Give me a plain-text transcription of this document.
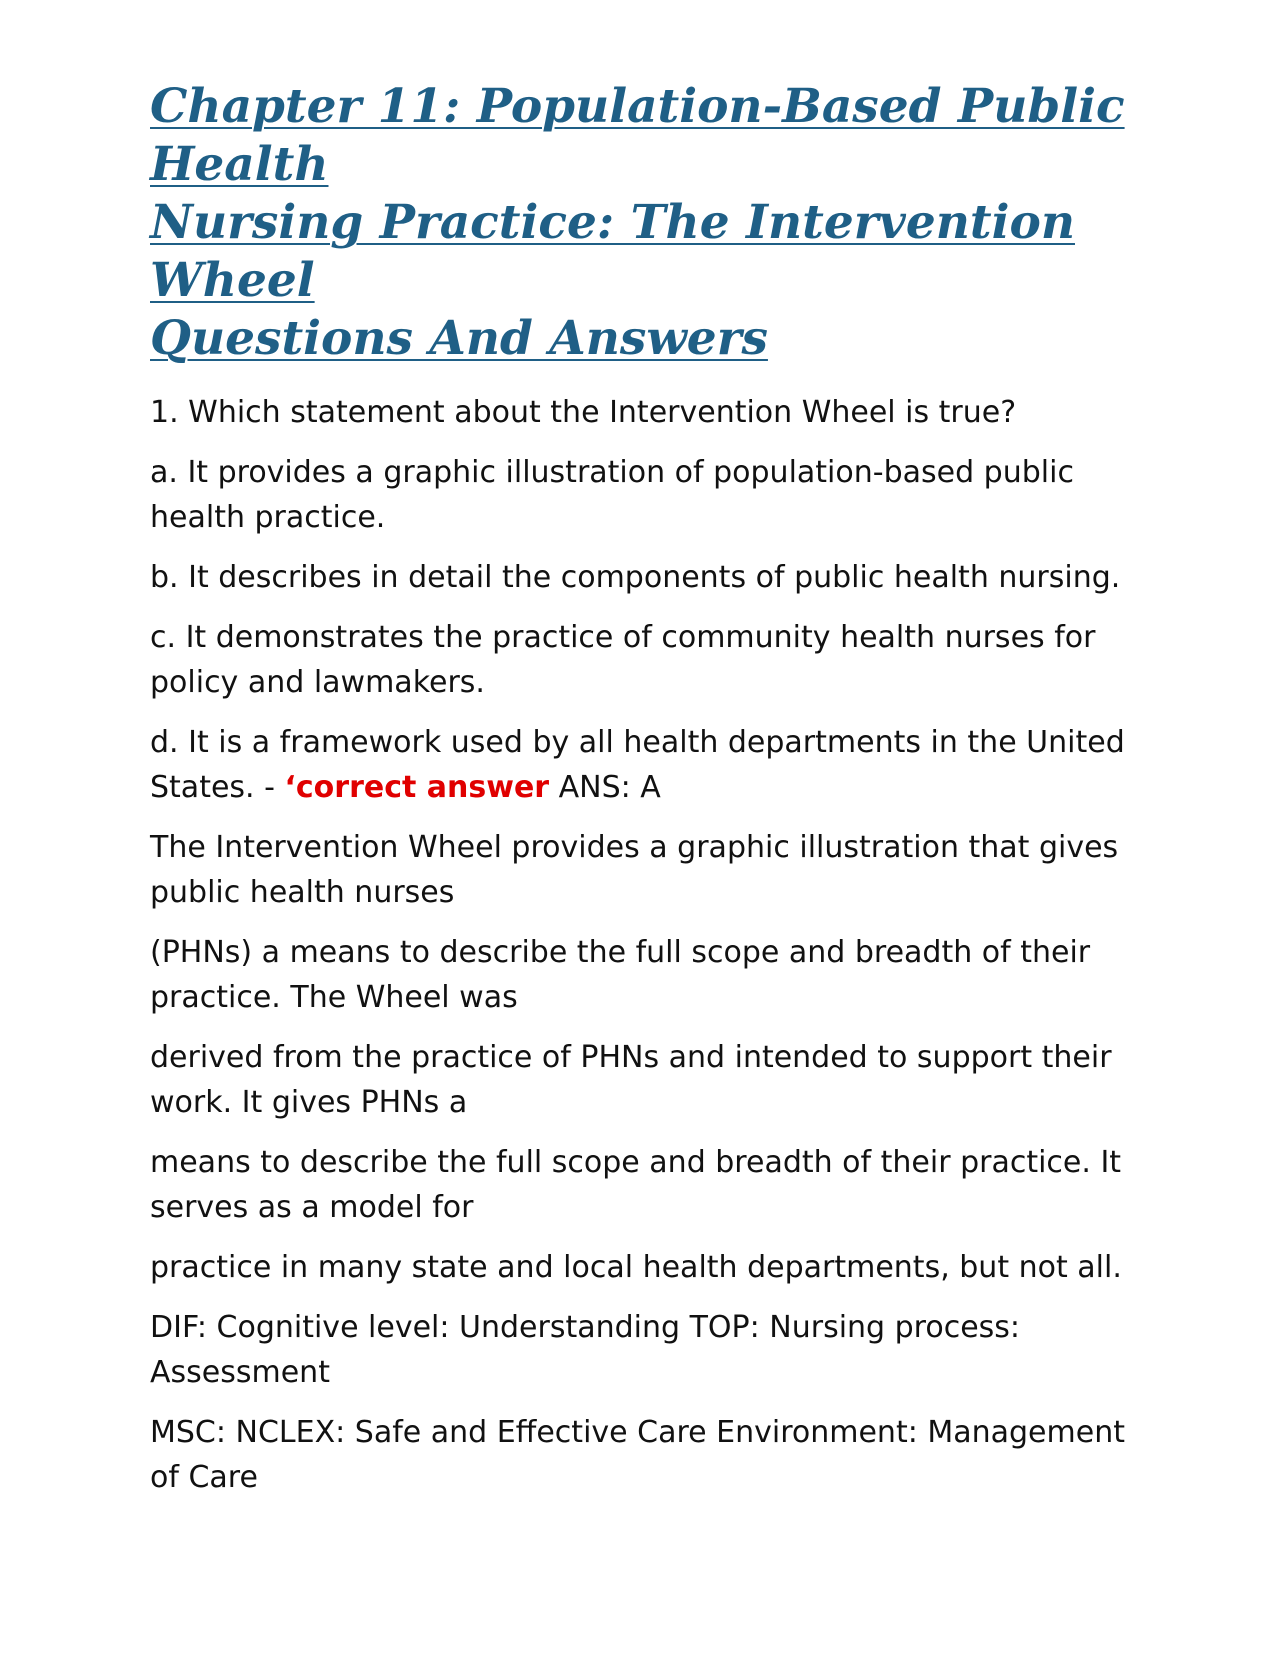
Chapter 11: Population-Based Public Health
Nursing Practice: The Intervention Wheel
Questions And Answers

1. Which statement about the Intervention Wheel is true?

a. It provides a graphic illustration of population-based public health practice.

b. It describes in detail the components of public health nursing.

c. It demonstrates the practice of community health nurses for policy and lawmakers.

d. It is a framework used by all health departments in the United States. - ‘correct answer ANS: A

The Intervention Wheel provides a graphic illustration that gives public health nurses

(PHNs) a means to describe the full scope and breadth of their practice. The Wheel was

derived from the practice of PHNs and intended to support their work. It gives PHNs a

means to describe the full scope and breadth of their practice. It serves as a model for

practice in many state and local health departments, but not all.

DIF: Cognitive level: Understanding TOP: Nursing process: Assessment

MSC: NCLEX: Safe and Effective Care Environment: Management of Care
